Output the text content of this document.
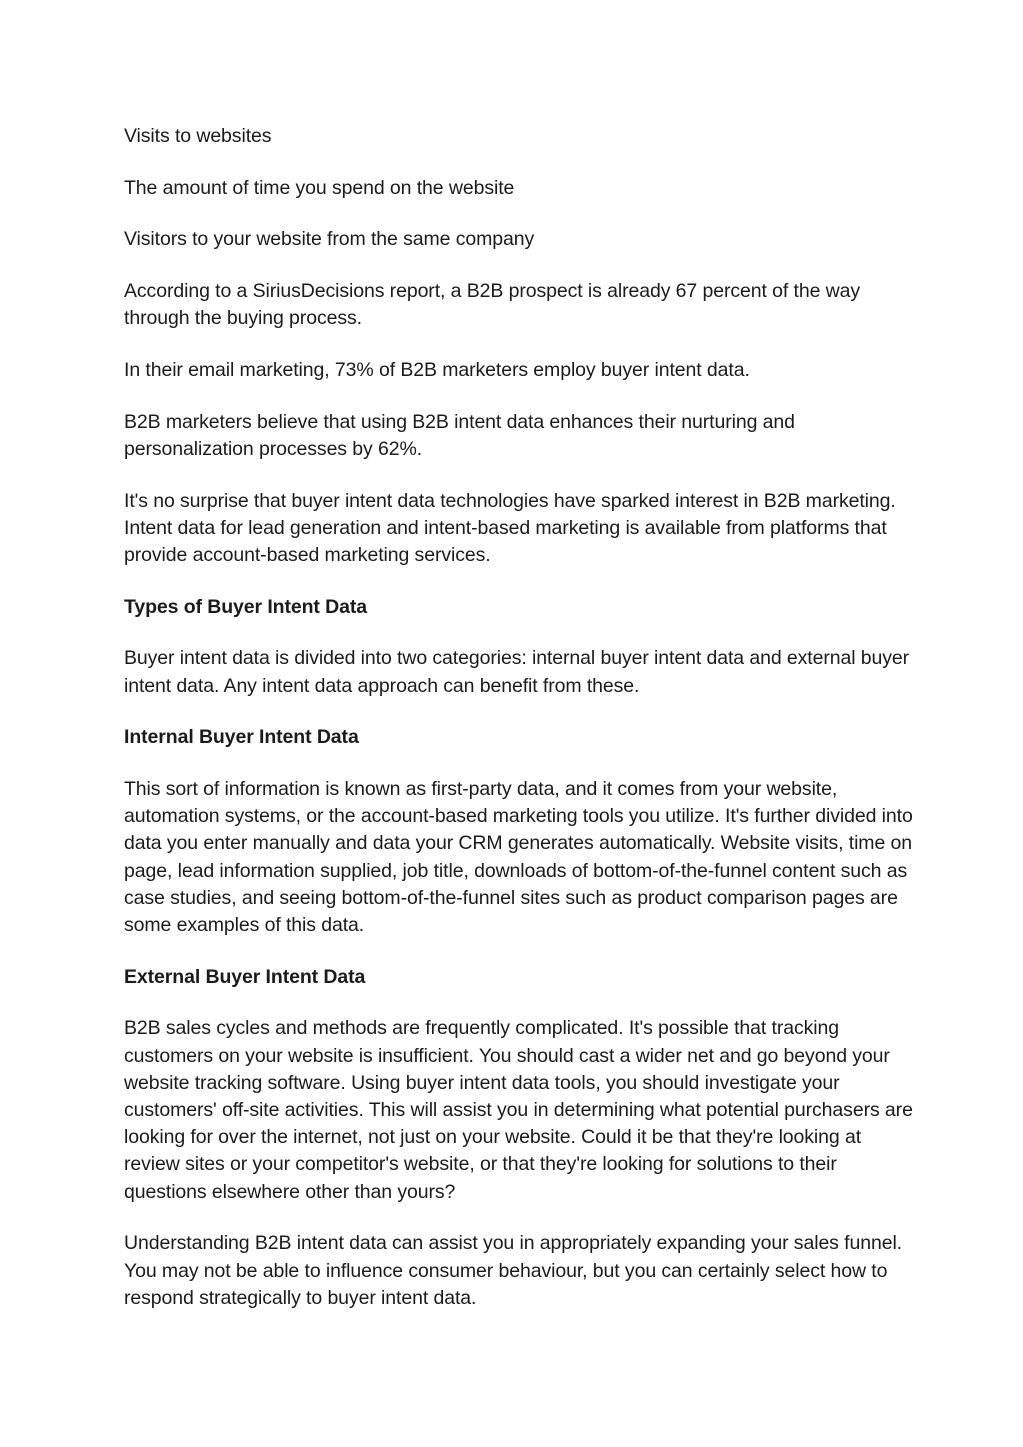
Visits to websites

The amount of time you spend on the website

Visitors to your website from the same company

According to a SiriusDecisions report, a B2B prospect is already 67 percent of the way through the buying process.

In their email marketing, 73% of B2B marketers employ buyer intent data.

B2B marketers believe that using B2B intent data enhances their nurturing and personalization processes by 62%.

It's no surprise that buyer intent data technologies have sparked interest in B2B marketing. Intent data for lead generation and intent-based marketing is available from platforms that provide account-based marketing services.

Types of Buyer Intent Data

Buyer intent data is divided into two categories: internal buyer intent data and external buyer intent data. Any intent data approach can benefit from these.

Internal Buyer Intent Data

This sort of information is known as first-party data, and it comes from your website, automation systems, or the account-based marketing tools you utilize. It's further divided into data you enter manually and data your CRM generates automatically. Website visits, time on page, lead information supplied, job title, downloads of bottom-of-the-funnel content such as case studies, and seeing bottom-of-the-funnel sites such as product comparison pages are some examples of this data.

External Buyer Intent Data

B2B sales cycles and methods are frequently complicated. It's possible that tracking customers on your website is insufficient. You should cast a wider net and go beyond your website tracking software. Using buyer intent data tools, you should investigate your customers' off-site activities. This will assist you in determining what potential purchasers are looking for over the internet, not just on your website. Could it be that they're looking at review sites or your competitor's website, or that they're looking for solutions to their questions elsewhere other than yours?

Understanding B2B intent data can assist you in appropriately expanding your sales funnel. You may not be able to influence consumer behaviour, but you can certainly select how to respond strategically to buyer intent data.
